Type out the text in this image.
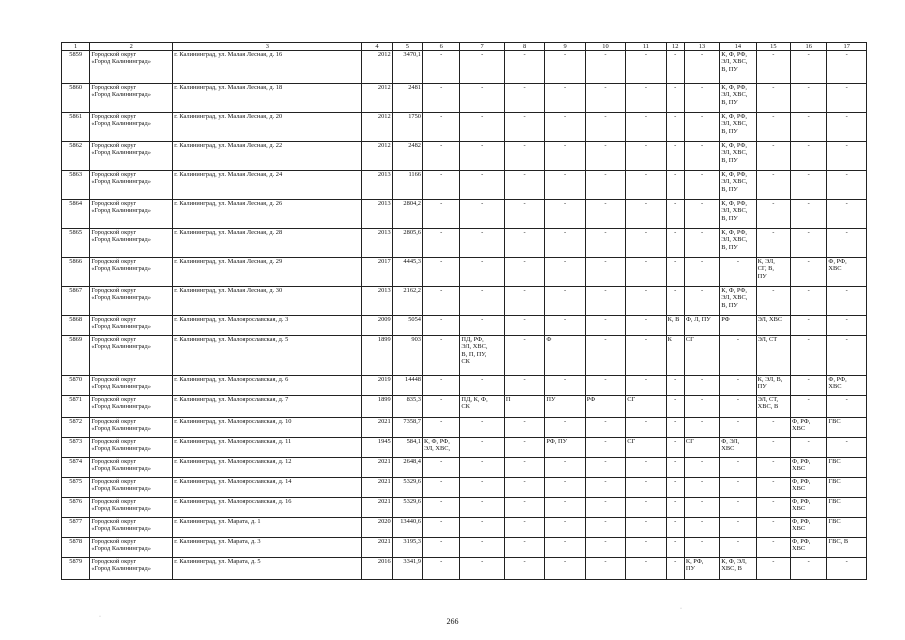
1	2	3	4	5	6	7	8	9	10	11	12	13	14	15	16	17
5859	Городской округ
«Город Калининград»	г. Калининград, ул. Малая Лесная, д. 16	2012	3470,1	-	-	-	-	-	-	-	-	К, Ф, РФ,
ЭЛ, ХВС,
В, ПУ	-	-	-
5860	Городской округ
«Город Калининград»	г. Калининград, ул. Малая Лесная, д. 18	2012	2481	-	-	-	-	-	-	-	-	К, Ф, РФ,
ЭЛ, ХВС,
В, ПУ	-	-	-
5861	Городской округ
«Город Калининград»	г. Калининград, ул. Малая Лесная, д. 20	2012	1750	-	-	-	-	-	-	-	-	К, Ф, РФ,
ЭЛ, ХВС,
В, ПУ	-	-	-
5862	Городской округ
«Город Калининград»	г. Калининград, ул. Малая Лесная, д. 22	2012	2482	-	-	-	-	-	-	-	-	К, Ф, РФ,
ЭЛ, ХВС,
В, ПУ	-	-	-
5863	Городской округ
«Город Калининград»	г. Калининград, ул. Малая Лесная, д. 24	2013	1166	-	-	-	-	-	-	-	-	К, Ф, РФ,
ЭЛ, ХВС,
В, ПУ	-	-	-
5864	Городской округ
«Город Калининград»	г. Калининград, ул. Малая Лесная, д. 26	2013	2804,2	-	-	-	-	-	-	-	-	К, Ф, РФ,
ЭЛ, ХВС,
В, ПУ	-	-	-
5865	Городской округ
«Город Калининград»	г. Калининград, ул. Малая Лесная, д. 28	2013	2805,6	-	-	-	-	-	-	-	-	К, Ф, РФ,
ЭЛ, ХВС,
В, ПУ	-	-	-
5866	Городской округ
«Город Калининград»	г. Калининград, ул. Малая Лесная, д. 29	2017	4445,3	-	-	-	-	-	-	-	-	-	К, ЭЛ,
СГ, В,
ПУ	-	Ф, РФ,
ХВС
5867	Городской округ
«Город Калининград»	г. Калининград, ул. Малая Лесная, д. 30	2013	2162,2	-	-	-	-	-	-	-	-	К, Ф, РФ,
ЭЛ, ХВС,
В, ПУ	-	-	-
5868	Городской округ
«Город Калининград»	г. Калининград, ул. Малоярославская, д. 3	2009	5054	-	-	-	-	-	-	К, В	Ф, Л, ПУ	РФ	ЭЛ, ХВС	-	-
5869	Городской округ
«Город Калининград»	г. Калининград, ул. Малоярославская, д. 5	1899	903	-	ПД, РФ,
ЭЛ, ХВС,
В, П, ПУ,
СК	-	Ф	-	-	К	СГ	-	ЭЛ, СТ	-	-
5870	Городской округ
«Город Калининград»	г. Калининград, ул. Малоярославская, д. 6	2019	14448	-	-	-	-	-	-	-	-	-	К, ЭЛ, В,
ПУ	-	Ф, РФ,
ХВС
5871	Городской округ
«Город Калининград»	г. Калининград, ул. Малоярославская, д. 7	1899	835,3	-	ПД, К, Ф,
СК	П	ПУ	РФ	СГ	-	-	-	ЭЛ, СТ,
ХВС, В	-	-
5872	Городской округ
«Город Калининград»	г. Калининград, ул. Малоярославская, д. 10	2021	7358,7	-	-	-	-	-	-	-	-	-	-	Ф, РФ,
ХВС	ГВС
5873	Городской округ
«Город Калининград»	г. Калининград, ул. Малоярославская, д. 11	1945	584,1	К, Ф, РФ,
ЭЛ, ХВС,	-	-	РФ, ПУ	-	СГ	-	СГ	Ф, ЭЛ,
ХВС	-	-	-
5874	Городской округ
«Город Калининград»	г. Калининград, ул. Малоярославская, д. 12	2021	2648,4	-	-	-	-	-	-	-	-	-	-	Ф, РФ,
ХВС	ГВС
5875	Городской округ
«Город Калининград»	г. Калининград, ул. Малоярославская, д. 14	2021	5329,6	-	-	-	-	-	-	-	-	-	-	Ф, РФ,
ХВС	ГВС
5876	Городской округ
«Город Калининград»	г. Калининград, ул. Малоярославская, д. 16	2021	5329,6	-	-	-	-	-	-	-	-	-	-	Ф, РФ,
ХВС	ГВС
5877	Городской округ
«Город Калининград»	г. Калининград, ул. Марата, д. 1	2020	13440,6	-	-	-	-	-	-	-	-	-	-	Ф, РФ,
ХВС	ГВС
5878	Городской округ
«Город Калининград»	г. Калининград, ул. Марата, д. 3	2021	3195,3	-	-	-	-	-	-	-	-	-	-	Ф, РФ,
ХВС	ГВС, В
5879	Городской округ
«Город Калининград»	г. Калининград, ул. Марата, д. 5	2016	3341,9	-	-	-	-	-	-	-	К, РФ,
ПУ	К, Ф, ЭЛ,
ХВС, В	-	-	-
266
·
·
